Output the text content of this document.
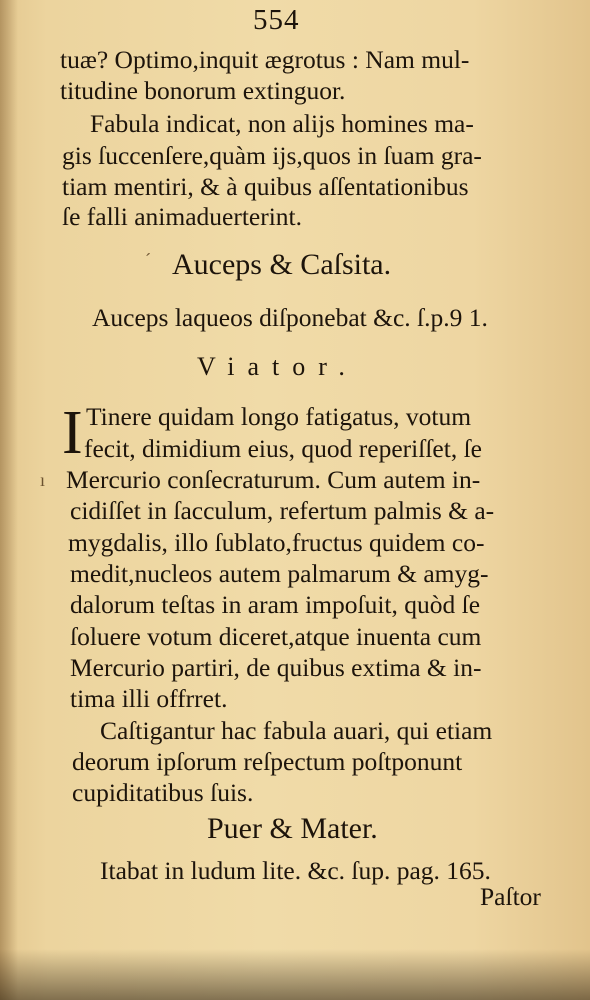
554
tuæ? Optimo,inquit ægrotus : Nam mul-
titudine bonorum extinguor.
Fabula indicat, non alijs homines ma-
gis ſuccenſere,quàm ijs,quos in ſuam gra-
tiam mentiri, & à quibus aſſentationibus
ſe falli animaduerterint.
ˊ Auceps & Caſsita.
Auceps laqueos diſponebat &c. ſ.p.9 1.
Viator.
I Tinere quidam longo fatigatus, votum
fecit, dimidium eius, quod reperiſſet, ſe
ı Mercurio conſecraturum. Cum autem in-
cidiſſet in ſacculum, refertum palmis & a-
mygdalis, illo ſublato,fructus quidem co-
medit,nucleos autem palmarum & amyg-
dalorum teſtas in aram impoſuit, quòd ſe
ſoluere votum diceret,atque inuenta cum
Mercurio partiri, de quibus extima & in-
tima illi offrret.
Caſtigantur hac fabula auari, qui etiam
deorum ipſorum reſpectum poſtponunt
cupiditatibus ſuis.
Puer & Mater.
Itabat in ludum lite. &c. ſup. pag. 165.
Paſtor
